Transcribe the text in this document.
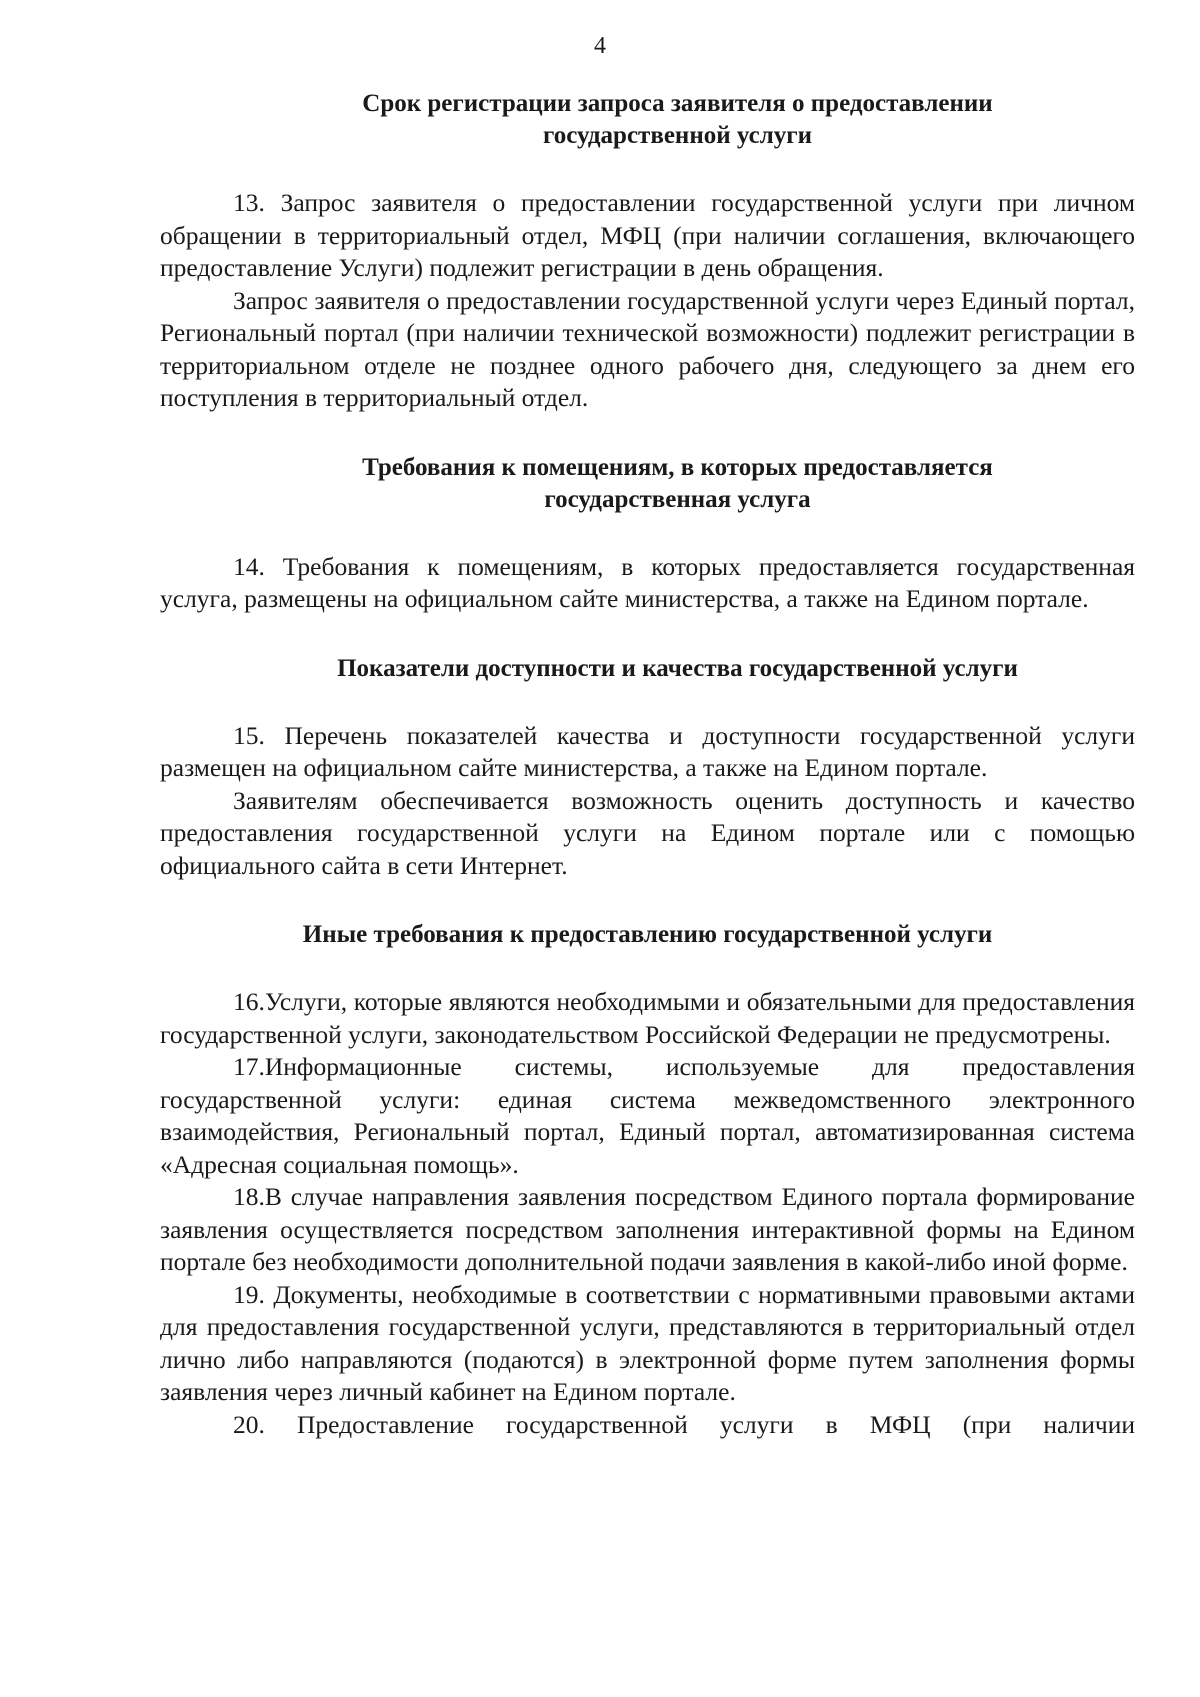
4

Срок регистрации запроса заявителя о предоставлении

государственной услуги

13. Запрос заявителя о предоставлении государственной услуги при личном обращении в территориальный отдел, МФЦ (при наличии соглашения, включающего предоставление Услуги) подлежит регистрации в день обращения.

Запрос заявителя о предоставлении государственной услуги через Единый портал, Региональный портал (при наличии технической возможности) подлежит регистрации в территориальном отделе не позднее одного рабочего дня, следующего за днем его поступления в территориальный отдел.

Требования к помещениям, в которых предоставляется

государственная услуга

14. Требования к помещениям, в которых предоставляется государственная услуга, размещены на официальном сайте министерства, а также на Едином портале.

Показатели доступности и качества государственной услуги

15. Перечень показателей качества и доступности государственной услуги размещен на официальном сайте министерства, а также на Едином портале.

Заявителям обеспечивается возможность оценить доступность и качество предоставления государственной услуги на Едином портале или с помощью официального сайта в сети Интернет.

Иные требования к предоставлению государственной услуги

16.Услуги, которые являются необходимыми и обязательными для предоставления государственной услуги, законодательством Российской Федерации не предусмотрены.

17.Информационные системы, используемые для предоставления государственной услуги: единая система межведомственного электронного взаимодействия, Региональный портал, Единый портал, автоматизированная система «Адресная социальная помощь».

18.В случае направления заявления посредством Единого портала формирование заявления осуществляется посредством заполнения интерактивной формы на Едином портале без необходимости дополнительной подачи заявления в какой-либо иной форме.

19. Документы, необходимые в соответствии с нормативными правовыми актами для предоставления государственной услуги, представляются в территориальный отдел лично либо направляются (подаются) в электронной форме путем заполнения формы заявления через личный кабинет на Едином портале.

20. Предоставление государственной услуги в МФЦ (при наличии
